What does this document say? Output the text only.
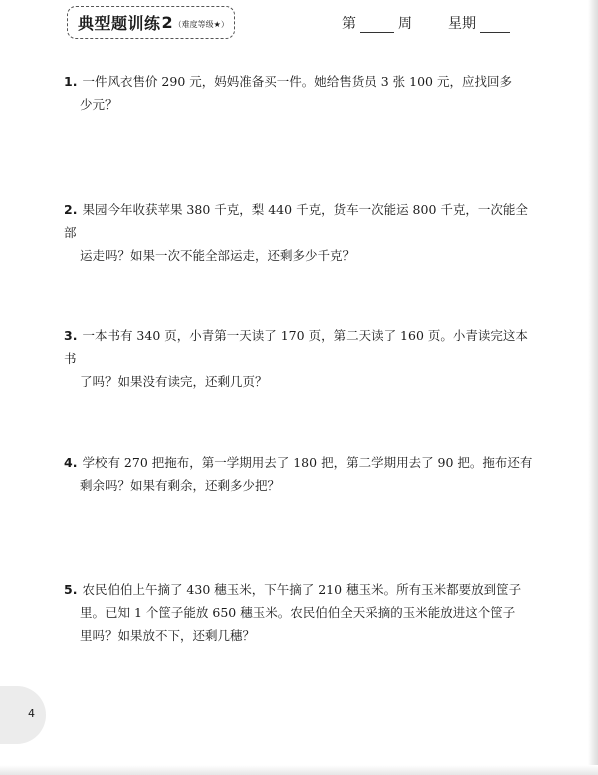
典型题训练 2 （难度等级★）	第	周	星期
1. 一件风衣售价 290 元，妈妈准备买一件。她给售货员 3 张 100 元，应找回多
少元？
2. 果园今年收获苹果 380 千克，梨 440 千克，货车一次能运 800 千克，一次能全部
运走吗？如果一次不能全部运走，还剩多少千克？
3. 一本书有 340 页，小青第一天读了 170 页，第二天读了 160 页。小青读完这本书
了吗？如果没有读完，还剩几页？
4. 学校有 270 把拖布，第一学期用去了 180 把，第二学期用去了 90 把。拖布还有
剩余吗？如果有剩余，还剩多少把？
5. 农民伯伯上午摘了 430 穗玉米，下午摘了 210 穗玉米。所有玉米都要放到筐子
里。已知 1 个筐子能放 650 穗玉米。农民伯伯全天采摘的玉米能放进这个筐子
里吗？如果放不下，还剩几穗？
4
